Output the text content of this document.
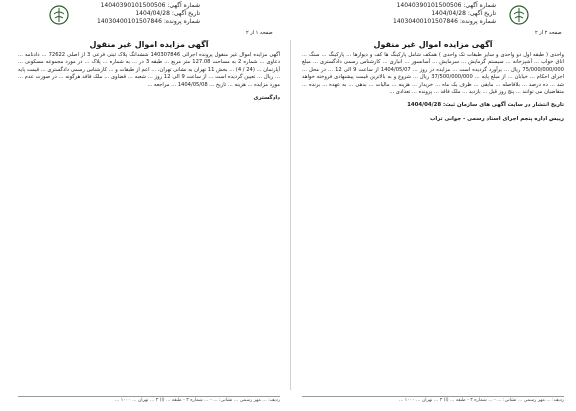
شماره آگهی: 14040390101500506
تاریخ آگهی: 1404/04/28
شماره پرونده: 14030400101507846
صفحه ۱ از ۲
شماره آگهی: 14040390101500506
تاریخ آگهی: 1404/04/28
شماره پرونده: 14030400101507846
صفحه ۲ از ۲
آگهی مزایده اموال غیر منقول

آگهی مزایده اموال غیر منقول پرونده اجرائی 140307846 ششدانگ پلاک ثبتی فرعی 3 از اصلی 72622 ... دادنامه ... دعاوی ... شماره 2 به مساحت 127.08 متر مربع ... طبقه 3 در ... به شماره ... پلاک ... در مورد مجموعه مسکونی ... آپارتمان ... (24 / 4) ... بخش 11 تهران به نشانی تهران، ... اعم از طبقات و ... کارشناس رسمی دادگستری ... قیمت پایه ... ریال ... تعیین گردیده است ... از ساعت 9 الی 12 روز ... شعبه ... قضاوی ... ملک فاقد هرگونه ... در صورت عدم ... مورد مزایده ... هزینه ... تاریخ ... 1404/05/08 ... مراجعه ...

دادگستری
آگهی مزایده اموال غیر منقول

واحدی ( طبقه اول دو واحدی و سایر طبقات تک واحدی ) همکف شامل پارکینگ ها کف و دیوارها ... پارکینگ ... سنگ ... اتاق خواب ... آشپزخانه ... سیستم گرمایش ... سرمایش ... آسانسور ... انباری ... کارشناس رسمی دادگستری ... مبلغ 75/000/000/000 ریال ... برآورد گردیده است ... مزایده در روز ... 1404/05/07 از ساعت 9 الی 12 ... در محل ... اجرای احکام ... خیابان ... از مبلغ پایه ... 37/500/000/000 ریال ... شروع و به بالاترین قیمت پیشنهادی فروخته خواهد شد ... ده درصد ... بلافاصله ... مابقی ... ظرف یک ماه ... خریدار ... هزینه ... مالیات ... بدهی ... به عهده ... برنده ... متقاضیان می توانند ... پنج روز قبل ... بازدید ... ملک فاقد ... پرونده ... تعدادی ...

تاریخ انتشار در سایت آگهی های سازمان ثبت: 1404/04/28
رییس اداره پنجم اجرای اسناد رسمی - جوانی تراب
ردیف: ... مهر رسمی ... نشانی: ... - ... شماره ۳ - طبقه ... (ا) ۳ ... تهران ... ۱۰۰۰ ...	ردیف: ... مهر رسمی ... نشانی: ... - ... شماره ۳ - طبقه ... (ا) ۳ ... تهران ... ۱۰۰۰ ...
